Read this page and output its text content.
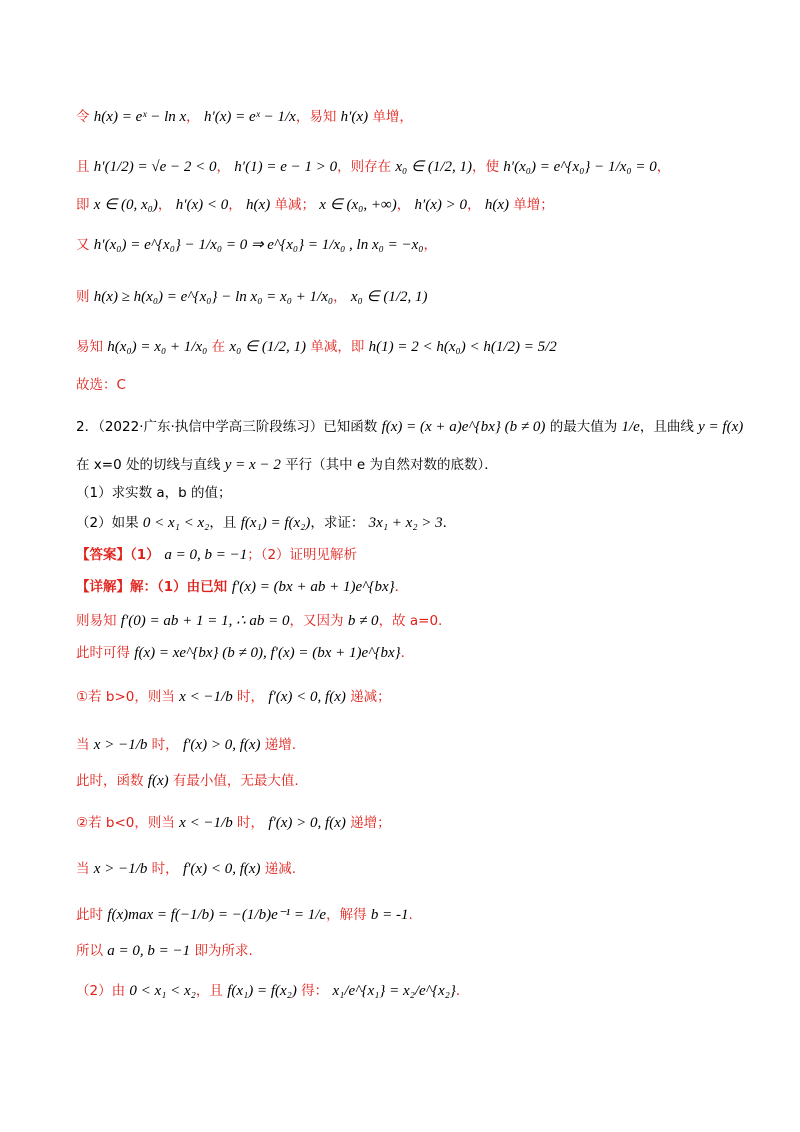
令 h(x) = eˣ − ln x， h′(x) = eˣ − 1/x，易知 h′(x) 单增，
且 h′(1/2) = √e − 2 < 0， h′(1) = e − 1 > 0，则存在 x₀ ∈ (1/2, 1)，使 h′(x₀) = e^{x₀} − 1/x₀ = 0，
即 x ∈ (0, x₀)， h′(x) < 0， h(x) 单减； x ∈ (x₀, +∞)， h′(x) > 0， h(x) 单增；
又 h′(x₀) = e^{x₀} − 1/x₀ = 0 ⇒ e^{x₀} = 1/x₀ , ln x₀ = −x₀，
则 h(x) ≥ h(x₀) = e^{x₀} − ln x₀ = x₀ + 1/x₀， x₀ ∈ (1/2, 1)
易知 h(x₀) = x₀ + 1/x₀ 在 x₀ ∈ (1/2, 1) 单减，即 h(1) = 2 < h(x₀) < h(1/2) = 5/2
故选：C
2．（2022·广东·执信中学高三阶段练习）已知函数 f(x) = (x + a)e^{bx} (b ≠ 0) 的最大值为 1/e，且曲线 y = f(x)
在 x=0 处的切线与直线 y = x − 2 平行（其中 e 为自然对数的底数）．
（1）求实数 a，b 的值；
（2）如果 0 < x₁ < x₂，且 f(x₁) = f(x₂)，求证： 3x₁ + x₂ > 3．
【答案】（1） a = 0, b = −1；（2）证明见解析
【详解】解：（1）由已知 f′(x) = (bx + ab + 1)e^{bx}．
则易知 f′(0) = ab + 1 = 1, ∴ ab = 0，又因为 b ≠ 0，故 a=0.
此时可得 f(x) = xe^{bx} (b ≠ 0), f′(x) = (bx + 1)e^{bx}．
①若 b>0，则当 x < −1/b 时， f′(x) < 0, f(x) 递减；
当 x > −1/b 时， f′(x) > 0, f(x) 递增.
此时，函数 f(x) 有最小值，无最大值.
②若 b<0，则当 x < −1/b 时， f′(x) > 0, f(x) 递增；
当 x > −1/b 时， f′(x) < 0, f(x) 递减.
此时 f(x)max = f(−1/b) = −(1/b)e⁻¹ = 1/e，解得 b = -1.
所以 a = 0, b = −1 即为所求.
（2）由 0 < x₁ < x₂，且 f(x₁) = f(x₂) 得： x₁/e^{x₁} = x₂/e^{x₂}．
